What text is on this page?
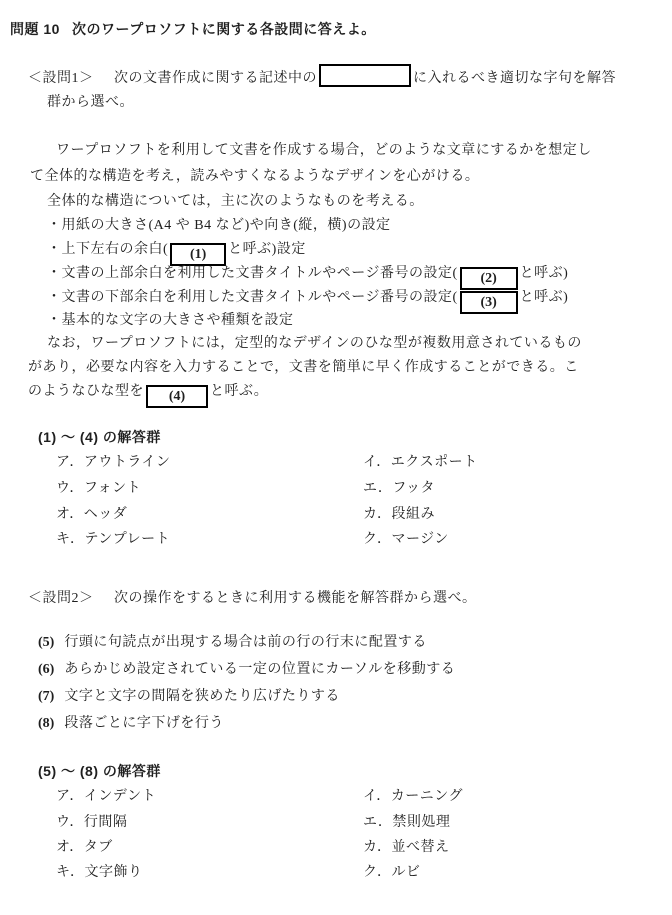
問題 10 次のワープロソフトに関する各設問に答えよ。
＜設問1＞　次の文書作成に関する記述中の	に入れるべき適切な字句を解答
群から選べ。
ワープロソフトを利用して文書を作成する場合，どのような文章にするかを想定し
て全体的な構造を考え，読みやすくなるようなデザインを心がける。
全体的な構造については，主に次のようなものを考える。
・用紙の大きさ(A4 や B4 など)や向き(縦，横)の設定
・上下左右の余白( (1) と呼ぶ)設定
・文書の上部余白を利用した文書タイトルやページ番号の設定( (2) と呼ぶ)
・文書の下部余白を利用した文書タイトルやページ番号の設定( (3) と呼ぶ)
・基本的な文字の大きさや種類を設定
なお，ワープロソフトには，定型的なデザインのひな型が複数用意されているもの
があり，必要な内容を入力することで，文書を簡単に早く作成することができる。こ
のようなひな型を (4) と呼ぶ。
(1) ～ (4) の解答群
ア．アウトライン	イ．エクスポート
ウ．フォント	エ．フッタ
オ．ヘッダ	カ．段組み
キ．テンプレート	ク．マージン
＜設問2＞　次の操作をするときに利用する機能を解答群から選べ。
(5) 行頭に句読点が出現する場合は前の行の行末に配置する
(6) あらかじめ設定されている一定の位置にカーソルを移動する
(7) 文字と文字の間隔を狭めたり広げたりする
(8) 段落ごとに字下げを行う
(5) ～ (8) の解答群
ア．インデント	イ．カーニング
ウ．行間隔	エ．禁則処理
オ．タブ	カ．並べ替え
キ．文字飾り	ク．ルビ
